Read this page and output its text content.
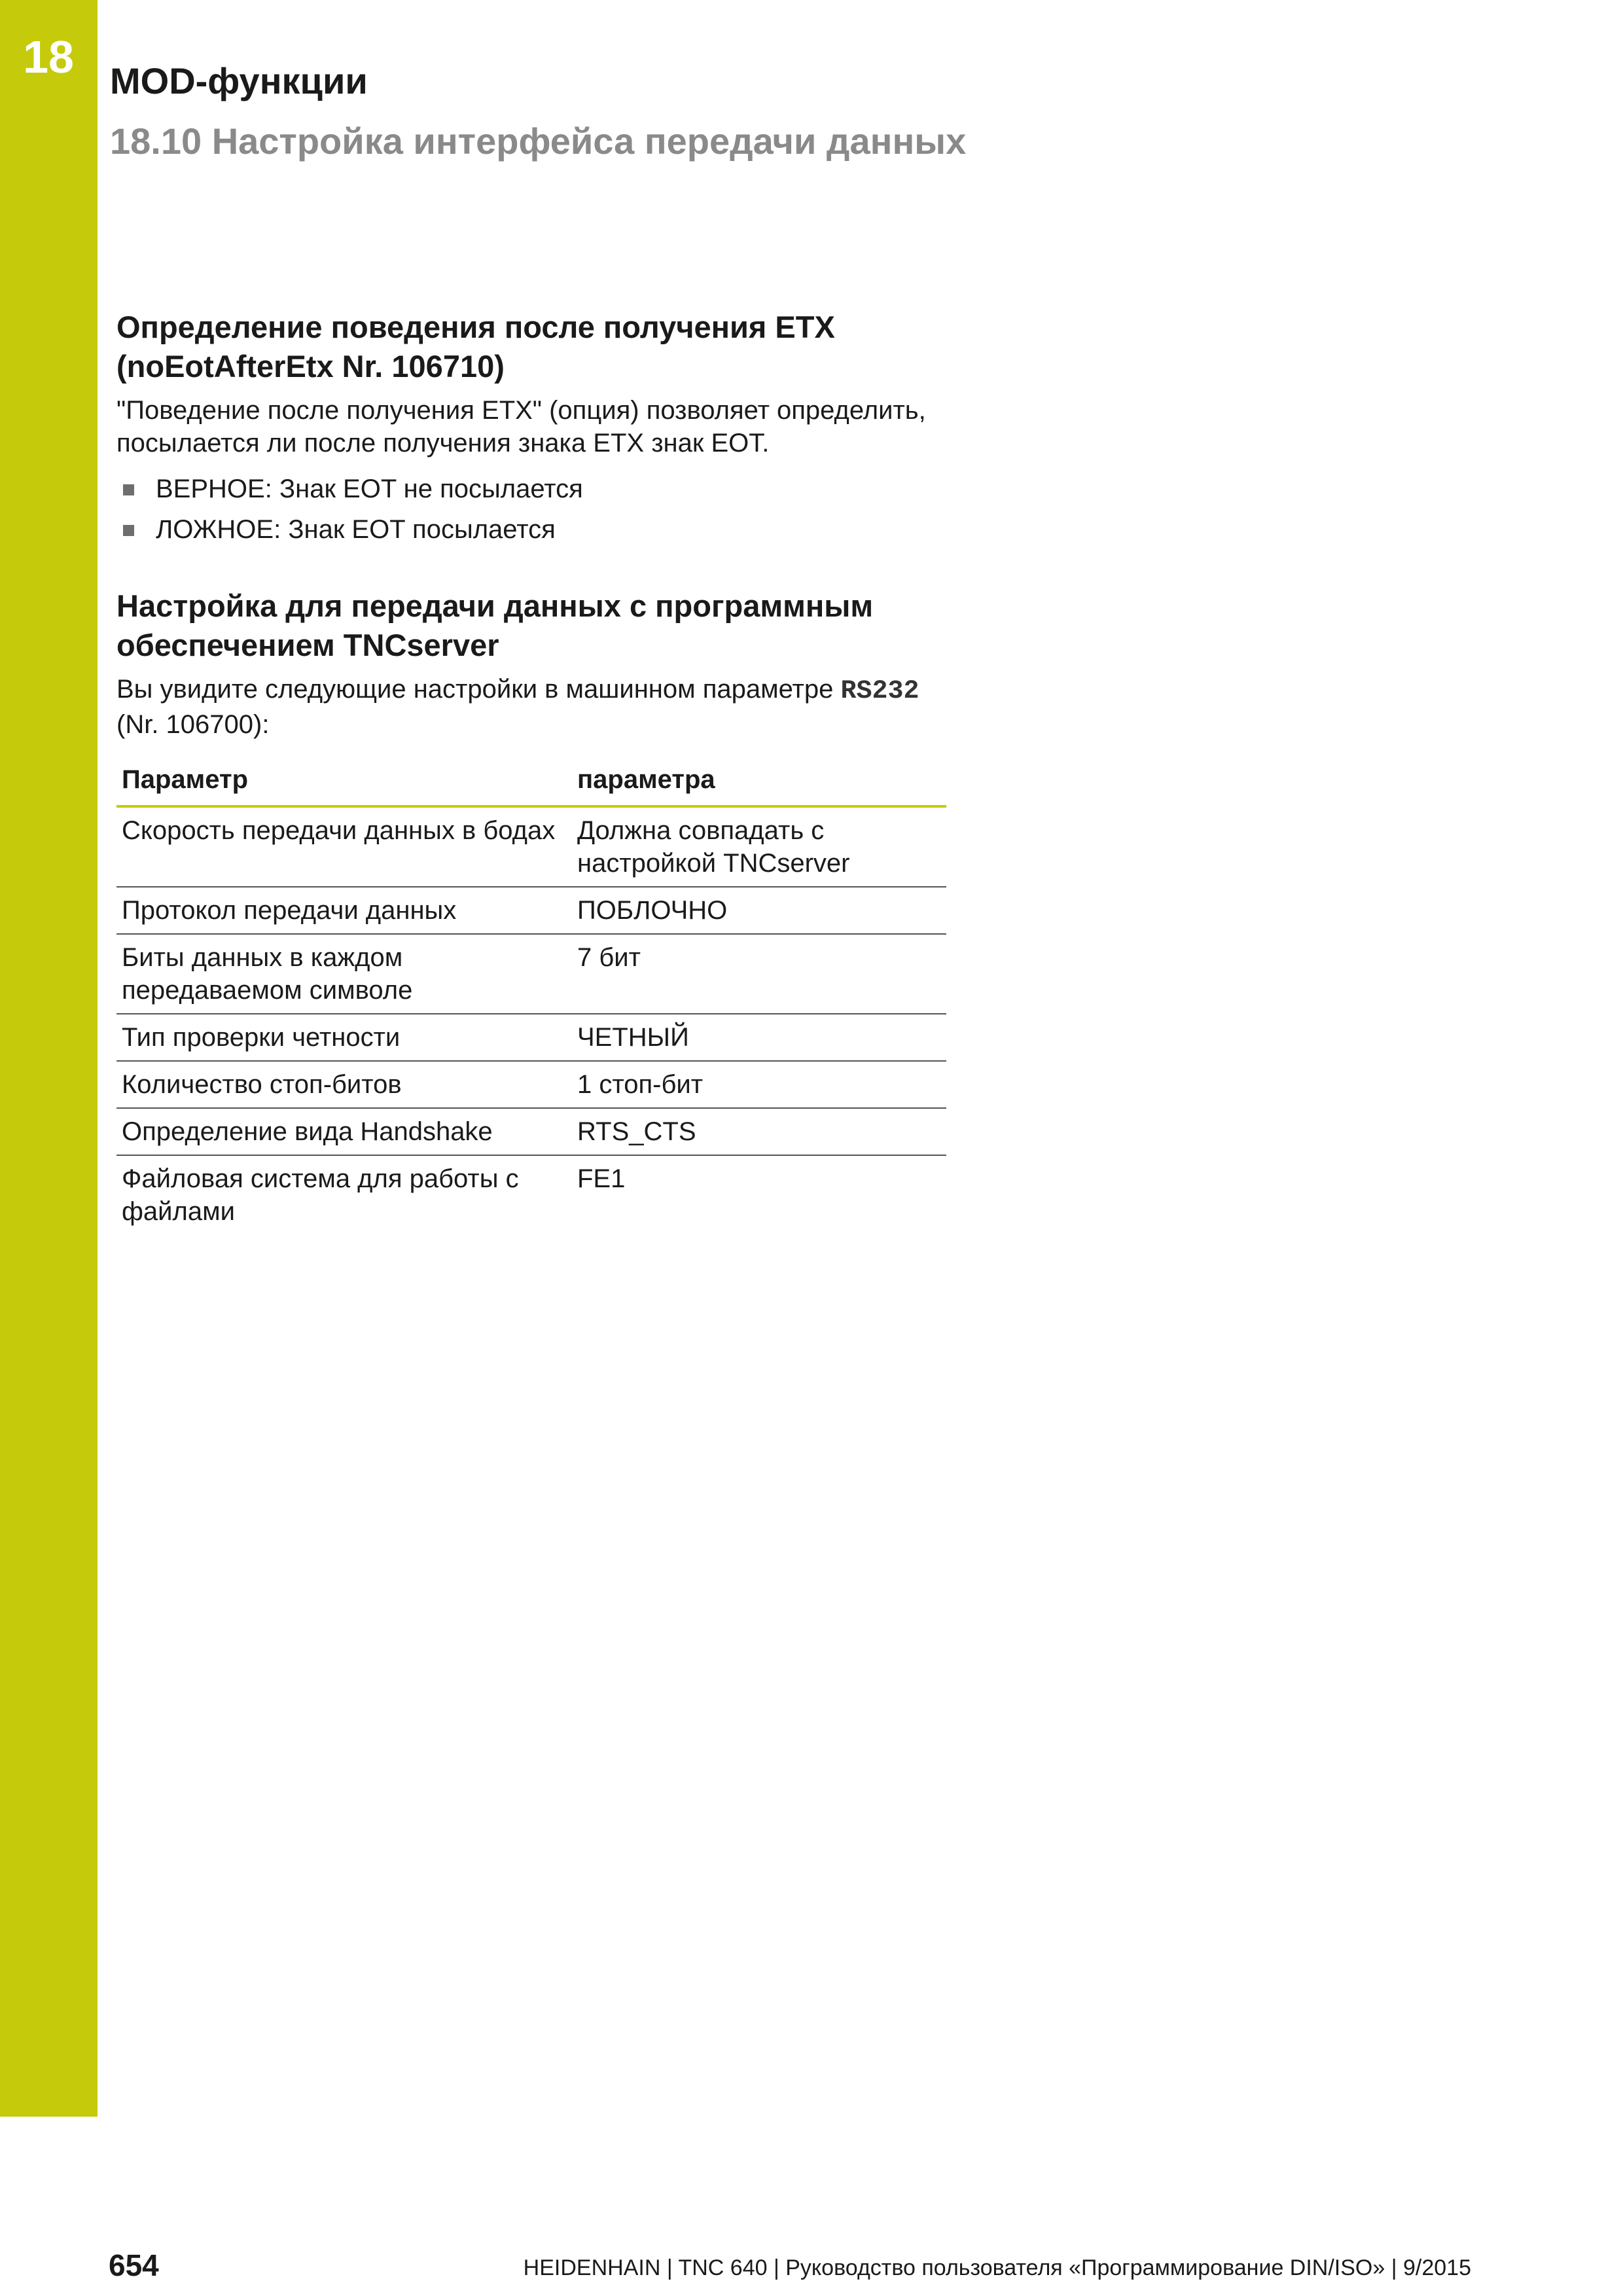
18 MOD-функции
18.10 Настройка интерфейса передачи данных
Определение поведения после получения ETX
(noEotAfterEtx Nr. 106710)

"Поведение после получения ETX" (опция) позволяет определить, посылается ли после получения знака ETX знак EOT.

ВЕРНОЕ: Знак EOT не посылается
ЛОЖНОЕ: Знак EOT посылается
Настройка для передачи данных с программным
обеспечением TNCserver

Вы увидите следующие настройки в машинном параметре RS232 (Nr. 106700):

Параметр	параметра
Скорость передачи данных в бодах	Должна совпадать с настройкой TNCserver
Протокол передачи данных	ПОБЛОЧНО
Биты данных в каждом передаваемом символе	7 бит
Тип проверки четности	ЧЕТНЫЙ
Количество стоп-битов	1 стоп-бит
Определение вида Handshake	RTS_CTS
Файловая система для работы с файлами	FE1
654	HEIDENHAIN | TNC 640 | Руководство пользователя «Программирование DIN/ISO» | 9/2015
